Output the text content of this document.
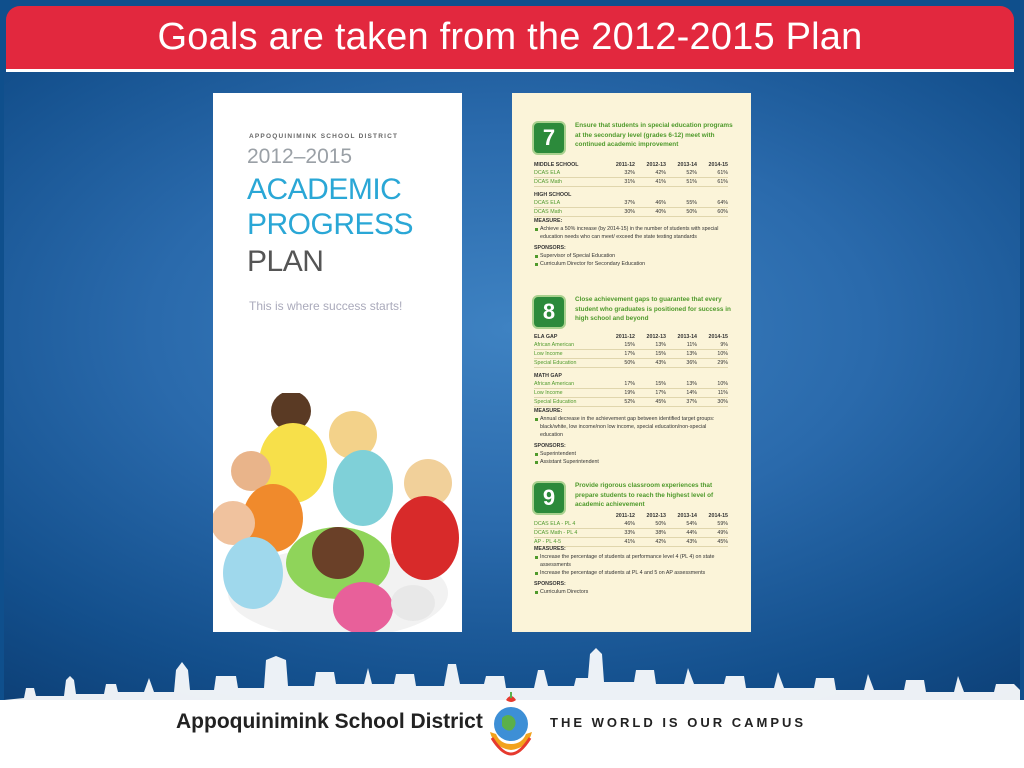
Goals are taken from the 2012-2015 Plan
APPOQUINIMINK SCHOOL DISTRICT
2012–2015
ACADEMIC
PROGRESS
PLAN
This is where success starts!
7	Ensure that students in special education programs at the secondary level (grades 6-12) meet with continued academic improvement
MIDDLE SCHOOL	2011-12	2012-13	2013-14	2014-15
DCAS ELA	32%	42%	52%	61%
DCAS Math	31%	41%	51%	61%
HIGH SCHOOL
DCAS ELA	37%	46%	55%	64%
DCAS Math	30%	40%	50%	60%
MEASURE:
Achieve a 50% increase (by 2014-15) in the number of students with special education needs who can meet/ exceed the state testing standards
SPONSORS:
Supervisor of Special Education
Curriculum Director for Secondary Education
8	Close achievement gaps to guarantee that every student who graduates is positioned for success in high school and beyond
ELA GAP	2011-12	2012-13	2013-14	2014-15
African American	15%	13%	11%	9%
Low Income	17%	15%	13%	10%
Special Education	50%	43%	36%	29%
MATH GAP
African American	17%	15%	13%	10%
Low Income	19%	17%	14%	11%
Special Education	52%	45%	37%	30%
MEASURE:
Annual decrease in the achievement gap between identified target groups: black/white, low income/non low income, special education/non-special education
SPONSORS:
Superintendent
Assistant Superintendent
9	Provide rigorous classroom experiences that prepare students to reach the highest level of academic achievement
2011-12	2012-13	2013-14	2014-15
DCAS ELA - PL 4	46%	50%	54%	59%
DCAS Math - PL 4	33%	38%	44%	49%
AP - PL 4-5	41%	42%	43%	45%
MEASURES:
Increase the percentage of students at performance level 4 (PL 4) on state assessments
Increase the percentage of students at PL 4 and 5 on AP assessments
SPONSORS:
Curriculum Directors
Appoquinimink School District	THE WORLD IS OUR CAMPUS
